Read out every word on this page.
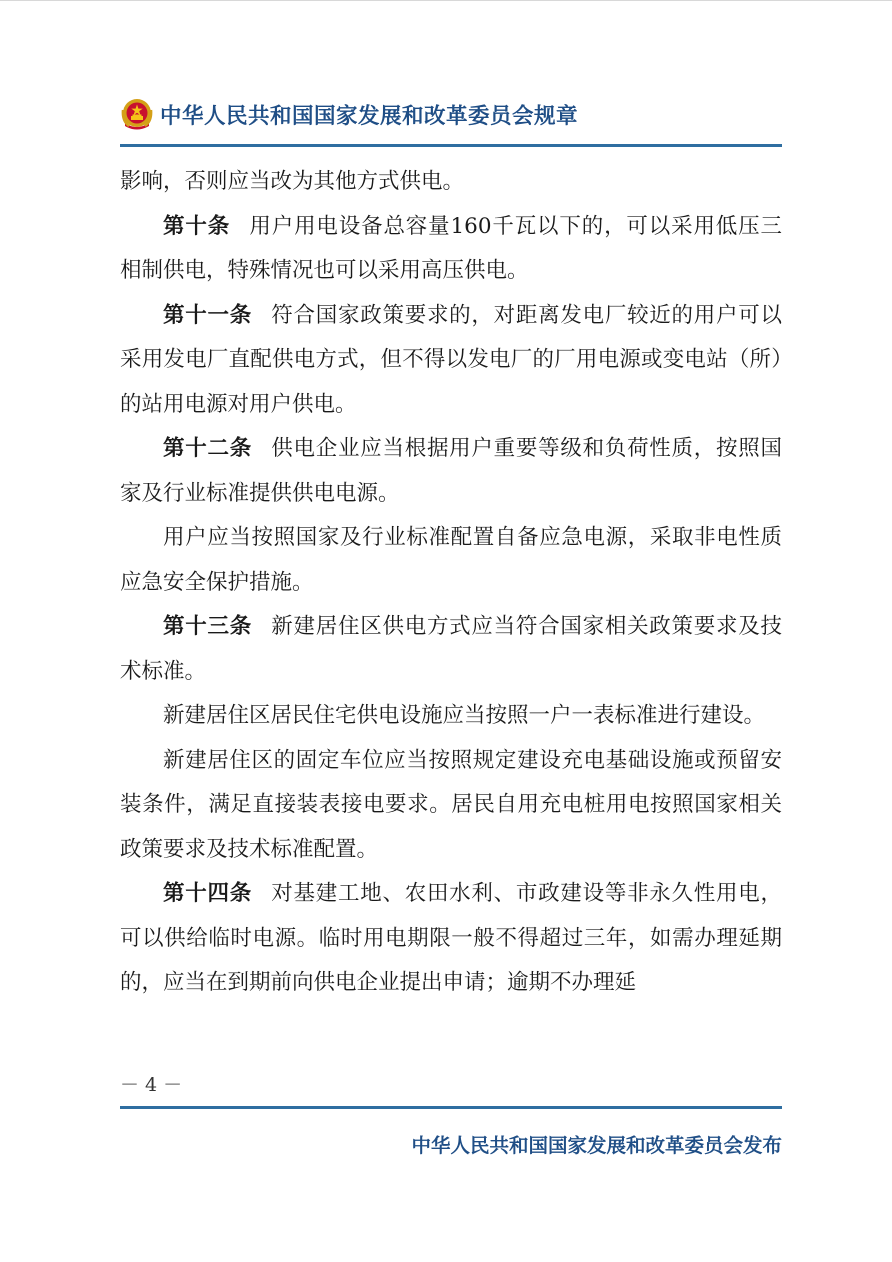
中华人民共和国国家发展和改革委员会规章

影响，否则应当改为其他方式供电。

第十条 用户用电设备总容量160千瓦以下的，可以采用低压三相制供电，特殊情况也可以采用高压供电。

第十一条 符合国家政策要求的，对距离发电厂较近的用户可以采用发电厂直配供电方式，但不得以发电厂的厂用电源或变电站（所）的站用电源对用户供电。

第十二条 供电企业应当根据用户重要等级和负荷性质，按照国家及行业标准提供供电电源。

用户应当按照国家及行业标准配置自备应急电源，采取非电性质应急安全保护措施。

第十三条 新建居住区供电方式应当符合国家相关政策要求及技术标准。

新建居住区居民住宅供电设施应当按照一户一表标准进行建设。

新建居住区的固定车位应当按照规定建设充电基础设施或预留安装条件，满足直接装表接电要求。居民自用充电桩用电按照国家相关政策要求及技术标准配置。

第十四条 对基建工地、农田水利、市政建设等非永久性用电，可以供给临时电源。临时用电期限一般不得超过三年，如需办理延期的，应当在到期前向供电企业提出申请；逾期不办理延

－ 4 －
中华人民共和国国家发展和改革委员会发布
